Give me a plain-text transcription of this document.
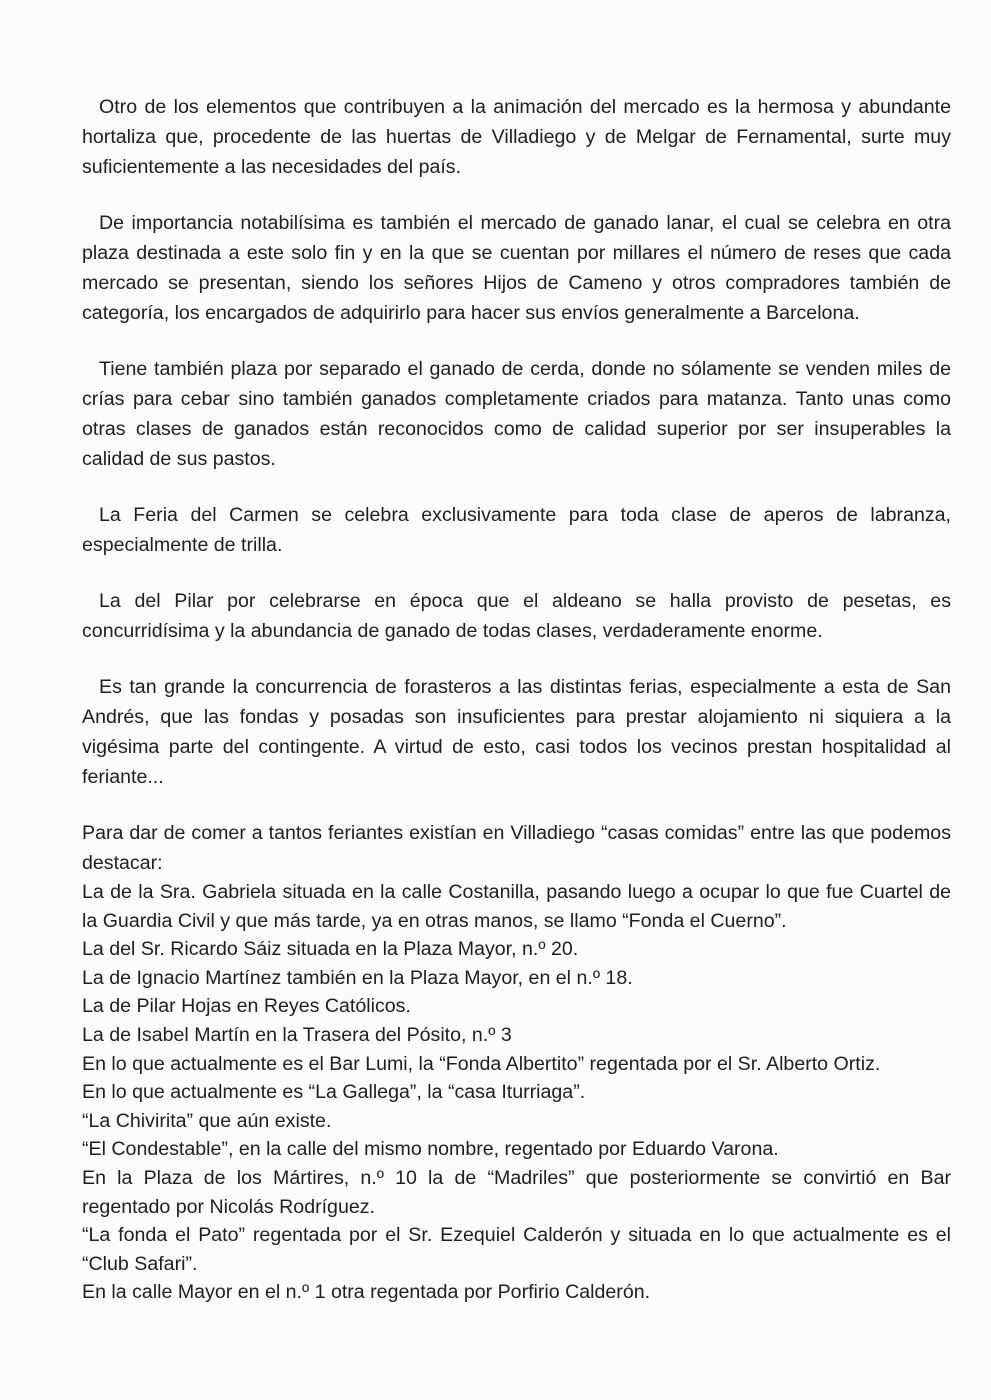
Otro de los elementos que contribuyen a la animación del mercado es la hermosa y abundante hortaliza que, procedente de las huertas de Villadiego y de Melgar de Fernamental, surte muy suficientemente a las necesidades del país.

De importancia notabilísima es también el mercado de ganado lanar, el cual se celebra en otra plaza destinada a este solo fin y en la que se cuentan por millares el número de reses que cada mercado se presentan, siendo los señores Hijos de Cameno y otros compradores también de categoría, los encargados de adquirirlo para hacer sus envíos generalmente a Barcelona.

Tiene también plaza por separado el ganado de cerda, donde no sólamente se venden miles de crías para cebar sino también ganados completamente criados para matanza. Tanto unas como otras clases de ganados están reconocidos como de calidad superior por ser insuperables la calidad de sus pastos.

La Feria del Carmen se celebra exclusivamente para toda clase de aperos de labranza, especialmente de trilla.

La del Pilar por celebrarse en época que el aldeano se halla provisto de pesetas, es concurridísima y la abundancia de ganado de todas clases, verdaderamente enorme.

Es tan grande la concurrencia de forasteros a las distintas ferias, especialmente a esta de San Andrés, que las fondas y posadas son insuficientes para prestar alojamiento ni siquiera a la vigésima parte del contingente. A virtud de esto, casi todos los vecinos prestan hospitalidad al feriante...

Para dar de comer a tantos feriantes existían en Villadiego “casas comidas” entre las que podemos destacar:

La de la Sra. Gabriela situada en la calle Costanilla, pasando luego a ocupar lo que fue Cuartel de la Guardia Civil y que más tarde, ya en otras manos, se llamo “Fonda el Cuerno”.
La del Sr. Ricardo Sáiz situada en la Plaza Mayor, n.º 20.
La de Ignacio Martínez también en la Plaza Mayor, en el n.º 18.
La de Pilar Hojas en Reyes Católicos.
La de Isabel Martín en la Trasera del Pósito, n.º 3
En lo que actualmente es el Bar Lumi, la “Fonda Albertito” regentada por el Sr. Alberto Ortiz.
En lo que actualmente es “La Gallega”, la “casa Iturriaga”.
“La Chivirita” que aún existe.
“El Condestable”, en la calle del mismo nombre, regentado por Eduardo Varona.
En la Plaza de los Mártires, n.º 10 la de “Madriles” que posteriormente se convirtió en Bar regentado por Nicolás Rodríguez.
“La fonda el Pato” regentada por el Sr. Ezequiel Calderón y situada en lo que actualmente es el “Club Safari”.
En la calle Mayor en el n.º 1 otra regentada por Porfirio Calderón.
